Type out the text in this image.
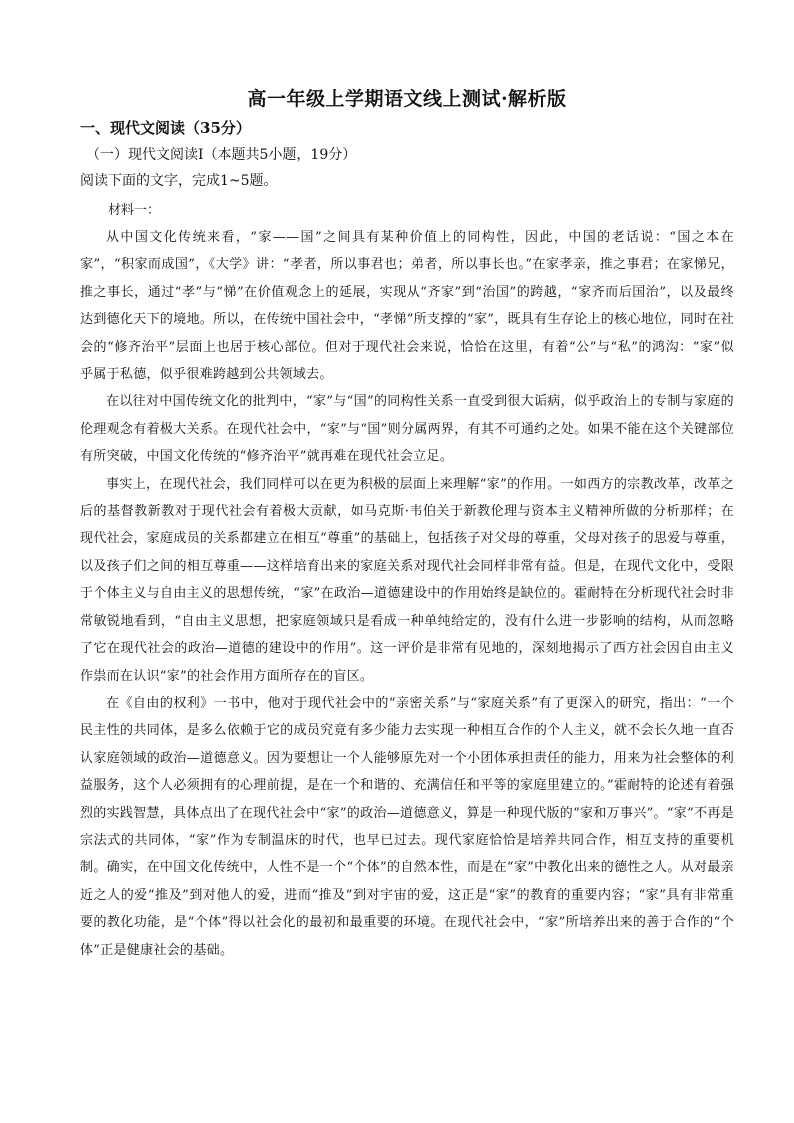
高一年级上学期语文线上测试·解析版
一、现代文阅读（35分）
（一）现代文阅读Ⅰ（本题共5小题，19分）
阅读下面的文字，完成1~5题。
材料一：

从中国文化传统来看，“家——国”之间具有某种价值上的同构性，因此，中国的老话说：“国之本在家”，“积家而成国”，《大学》讲：“孝者，所以事君也；弟者，所以事长也。”在家孝亲，推之事君；在家悌兄，推之事长，通过“孝”与“悌”在价值观念上的延展，实现从“齐家”到“治国”的跨越，“家齐而后国治”，以及最终达到德化天下的境地。所以，在传统中国社会中，“孝悌”所支撑的“家”，既具有生存论上的核心地位，同时在社会的“修齐治平”层面上也居于核心部位。但对于现代社会来说，恰恰在这里，有着“公”与“私”的鸿沟：“家”似乎属于私德，似乎很难跨越到公共领域去。

在以往对中国传统文化的批判中，“家”与“国”的同构性关系一直受到很大诟病，似乎政治上的专制与家庭的伦理观念有着极大关系。在现代社会中，“家”与“国”则分属两界，有其不可通约之处。如果不能在这个关键部位有所突破，中国文化传统的“修齐治平”就再难在现代社会立足。

事实上，在现代社会，我们同样可以在更为积极的层面上来理解“家”的作用。一如西方的宗教改革，改革之后的基督教新教对于现代社会有着极大贡献，如马克斯·韦伯关于新教伦理与资本主义精神所做的分析那样；在现代社会，家庭成员的关系都建立在相互“尊重”的基础上，包括孩子对父母的尊重，父母对孩子的思爱与尊重，以及孩子们之间的相互尊重——这样培育出来的家庭关系对现代社会同样非常有益。但是，在现代文化中，受限于个体主义与自由主义的思想传统，“家”在政治—道德建设中的作用始终是缺位的。霍耐特在分析现代社会时非常敏锐地看到，“自由主义思想，把家庭领域只是看成一种单纯给定的，没有什么进一步影响的结构，从而忽略了它在现代社会的政治—道德的建设中的作用”。这一评价是非常有见地的，深刻地揭示了西方社会因自由主义作祟而在认识“家”的社会作用方面所存在的盲区。

在《自由的权利》一书中，他对于现代社会中的“亲密关系”与“家庭关系”有了更深入的研究，指出：“一个民主性的共同体，是多么依赖于它的成员究竟有多少能力去实现一种相互合作的个人主义，就不会长久地一直否认家庭领域的政治—道德意义。因为要想让一个人能够原先对一个小团体承担责任的能力，用来为社会整体的利益服务，这个人必须拥有的心理前提，是在一个和谐的、充满信任和平等的家庭里建立的。”霍耐特的论述有着强烈的实践智慧，具体点出了在现代社会中“家”的政治—道德意义，算是一种现代版的“家和万事兴”。“家”不再是宗法式的共同体，“家”作为专制温床的时代，也早已过去。现代家庭恰恰是培养共同合作，相互支持的重要机制。确实，在中国文化传统中，人性不是一个“个体”的自然本性，而是在“家”中教化出来的德性之人。从对最亲近之人的爱“推及”到对他人的爱，进而“推及”到对宇宙的爱，这正是“家”的教育的重要内容；“家”具有非常重要的教化功能，是“个体”得以社会化的最初和最重要的环境。在现代社会中，“家”所培养出来的善于合作的“个体”正是健康社会的基础。
